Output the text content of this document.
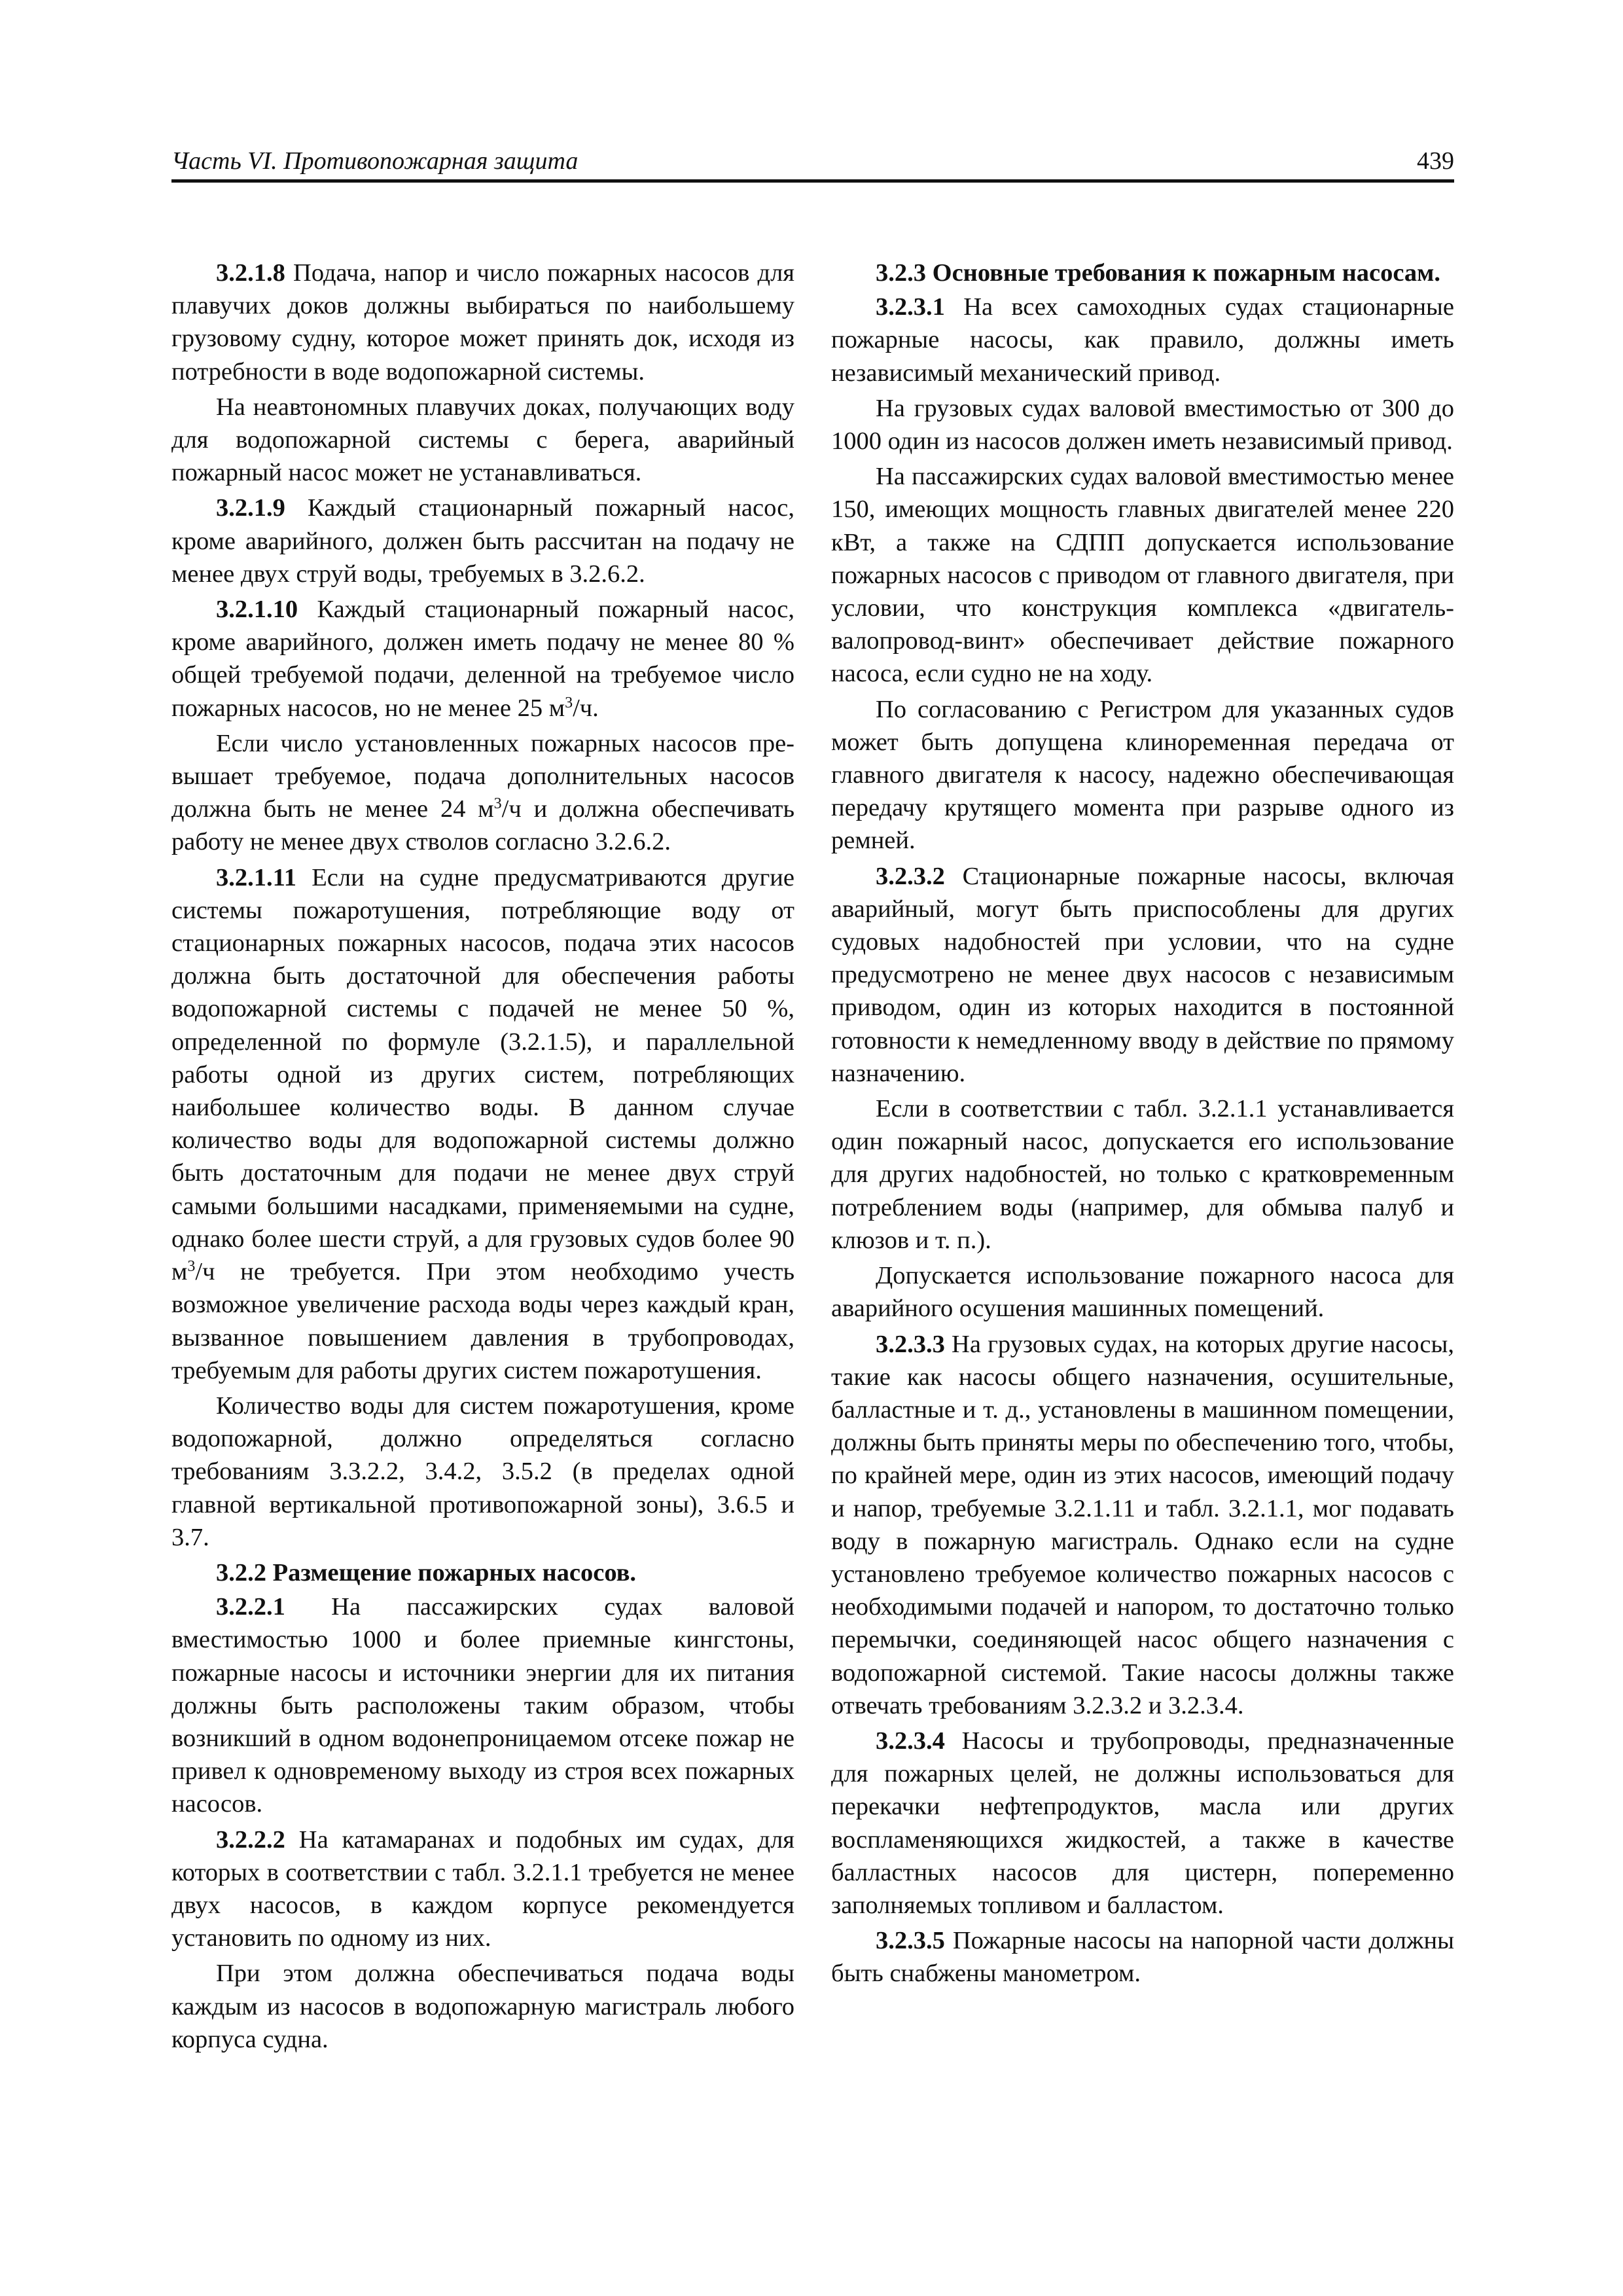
Часть VI. Противопожарная защита	439

3.2.1.8 Подача, напор и число пожарных насосов для плавучих доков должны выбираться по наибольшему грузовому судну, которое может принять док, исходя из потребности в воде водопожарной системы.

На неавтономных плавучих доках, получающих воду для водопожарной системы с берега, аварийный пожарный насос может не устанавливаться.

3.2.1.9 Каждый стационарный пожарный насос, кроме аварийного, должен быть рассчитан на подачу не менее двух струй воды, требуемых в 3.2.6.2.

3.2.1.10 Каждый стационарный пожарный насос, кроме аварийного, должен иметь подачу не менее 80 % общей требуемой подачи, деленной на требуемое число пожарных насосов, но не менее 25 $м^3/ч$.

Если число установленных пожарных насосов превышает требуемое, подача дополнительных насосов должна быть не менее 24 $м^3/ч$ и должна обеспечивать работу не менее двух стволов согласно 3.2.6.2.

3.2.1.11 Если на судне предусматриваются другие системы пожаротушения, потребляющие воду от стационарных пожарных насосов, подача этих насосов должна быть достаточной для обеспечения работы водопожарной системы с подачей не менее 50 %, определенной по формуле (3.2.1.5), и параллельной работы одной из других систем, потребляющих наибольшее количество воды. В данном случае количество воды для водопожарной системы должно быть достаточным для подачи не менее двух струй самыми большими насадками, применяемыми на судне, однако более шести струй, а для грузовых судов более 90 $м^3/ч$ не требуется. При этом необходимо учесть возможное увеличение расхода воды через каждый кран, вызванное повышением давления в трубопроводах, требуемым для работы других систем пожаротушения.

Количество воды для систем пожаротушения, кроме водопожарной, должно определяться согласно требованиям 3.3.2.2, 3.4.2, 3.5.2 (в пределах одной главной вертикальной противопожарной зоны), 3.6.5 и 3.7.

3.2.2 Размещение пожарных насосов.

3.2.2.1 На пассажирских судах валовой вместимостью 1000 и более приемные кингстоны, пожарные насосы и источники энергии для их питания должны быть расположены таким образом, чтобы возникший в одном водонепроницаемом отсеке пожар не привел к одновременому выходу из строя всех пожарных насосов.

3.2.2.2 На катамаранах и подобных им судах, для которых в соответствии с табл. 3.2.1.1 требуется не менее двух насосов, в каждом корпусе рекомендуется установить по одному из них.

При этом должна обеспечиваться подача воды каждым из насосов в водопожарную магистраль любого корпуса судна.

3.2.3 Основные требования к пожарным насосам.

3.2.3.1 На всех самоходных судах стационарные пожарные насосы, как правило, должны иметь независимый механический привод.

На грузовых судах валовой вместимостью от 300 до 1000 один из насосов должен иметь независимый привод.

На пассажирских судах валовой вместимостью менее 150, имеющих мощность главных двигателей менее 220 кВт, а также на СДПП допускается использование пожарных насосов с приводом от главного двигателя, при условии, что конструкция комплекса «двигатель-валопровод-винт» обеспечивает действие пожарного насоса, если судно не на ходу.

По согласованию с Регистром для указанных судов может быть допущена клиноременная передача от главного двигателя к насосу, надежно обеспечивающая передачу крутящего момента при разрыве одного из ремней.

3.2.3.2 Стационарные пожарные насосы, включая аварийный, могут быть приспособлены для других судовых надобностей при условии, что на судне предусмотрено не менее двух насосов с независимым приводом, один из которых находится в постоянной готовности к немедленному вводу в действие по прямому назначению.

Если в соответствии с табл. 3.2.1.1 устанавливается один пожарный насос, допускается его использование для других надобностей, но только с кратковременным потреблением воды (например, для обмыва палуб и клюзов и т. п.).

Допускается использование пожарного насоса для аварийного осушения машинных помещений.

3.2.3.3 На грузовых судах, на которых другие насосы, такие как насосы общего назначения, осушительные, балластные и т. д., установлены в машинном помещении, должны быть приняты меры по обеспечению того, чтобы, по крайней мере, один из этих насосов, имеющий подачу и напор, требуемые 3.2.1.11 и табл. 3.2.1.1, мог подавать воду в пожарную магистраль. Однако если на судне установлено требуемое количество пожарных насосов с необходимыми подачей и напором, то достаточно только перемычки, соединяющей насос общего назначения с водопожарной системой. Такие насосы должны также отвечать требованиям 3.2.3.2 и 3.2.3.4.

3.2.3.4 Насосы и трубопроводы, предназначенные для пожарных целей, не должны использоваться для перекачки нефтепродуктов, масла или других воспламеняющихся жидкостей, а также в качестве балластных насосов для цистерн, попеременно заполняемых топливом и балластом.

3.2.3.5 Пожарные насосы на напорной части должны быть снабжены манометром.
